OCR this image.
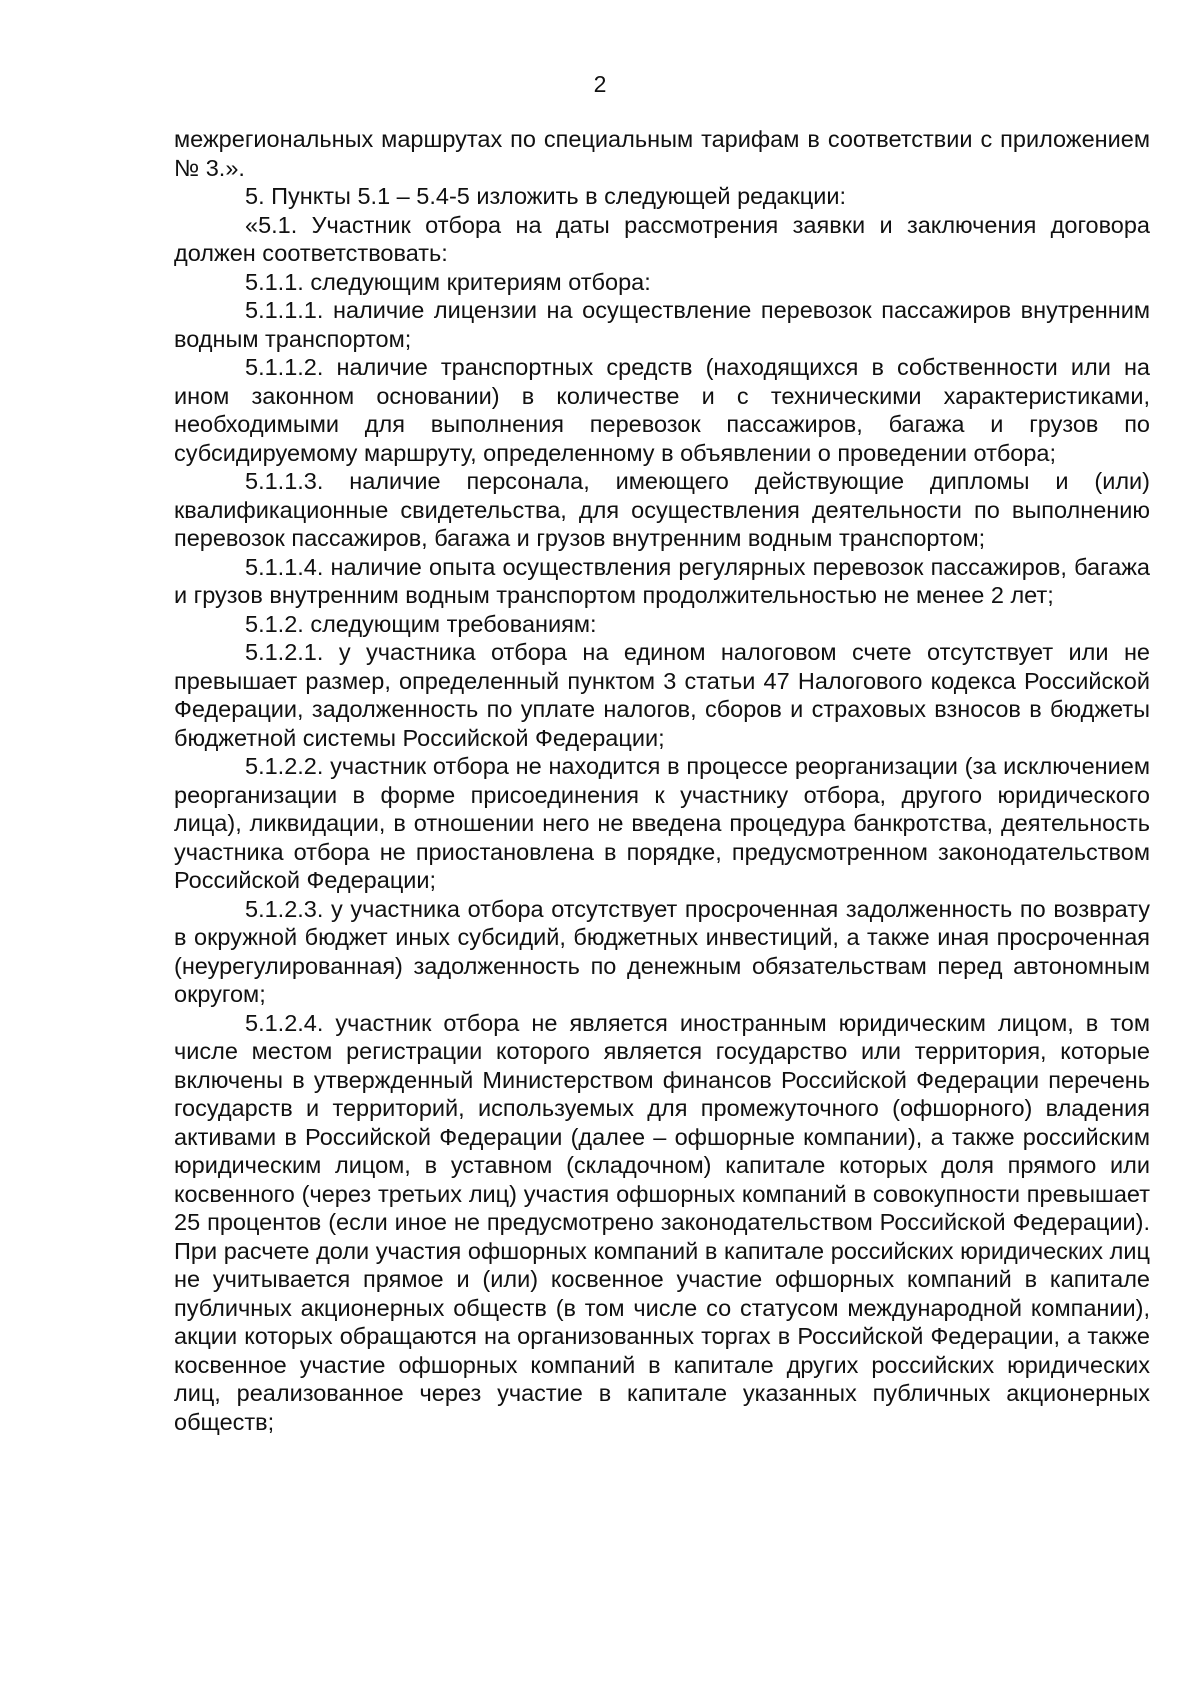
2

межрегиональных маршрутах по специальным тарифам в соответствии с приложением № 3.».

5. Пункты 5.1 – 5.4-5 изложить в следующей редакции:

«5.1. Участник отбора на даты рассмотрения заявки и заключения договора должен соответствовать:

5.1.1. следующим критериям отбора:

5.1.1.1. наличие лицензии на осуществление перевозок пассажиров внутренним водным транспортом;

5.1.1.2. наличие транспортных средств (находящихся в собственности или на ином законном основании) в количестве и с техническими характеристиками, необходимыми для выполнения перевозок пассажиров, багажа и грузов по субсидируемому маршруту, определенному в объявлении о проведении отбора;

5.1.1.3. наличие персонала, имеющего действующие дипломы и (или) квалификационные свидетельства, для осуществления деятельности по выполнению перевозок пассажиров, багажа и грузов внутренним водным транспортом;

5.1.1.4. наличие опыта осуществления регулярных перевозок пассажиров, багажа и грузов внутренним водным транспортом продолжительностью не менее 2 лет;

5.1.2. следующим требованиям:

5.1.2.1. у участника отбора на едином налоговом счете отсутствует или не превышает размер, определенный пунктом 3 статьи 47 Налогового кодекса Российской Федерации, задолженность по уплате налогов, сборов и страховых взносов в бюджеты бюджетной системы Российской Федерации;

5.1.2.2. участник отбора не находится в процессе реорганизации (за исключением реорганизации в форме присоединения к участнику отбора, другого юридического лица), ликвидации, в отношении него не введена процедура банкротства, деятельность участника отбора не приостановлена в порядке, предусмотренном законодательством Российской Федерации;

5.1.2.3. у участника отбора отсутствует просроченная задолженность по возврату в окружной бюджет иных субсидий, бюджетных инвестиций, а также иная просроченная (неурегулированная) задолженность по денежным обязательствам перед автономным округом;

5.1.2.4. участник отбора не является иностранным юридическим лицом, в том числе местом регистрации которого является государство или территория, которые включены в утвержденный Министерством финансов Российской Федерации перечень государств и территорий, используемых для промежуточного (офшорного) владения активами в Российской Федерации (далее – офшорные компании), а также российским юридическим лицом, в уставном (складочном) капитале которых доля прямого или косвенного (через третьих лиц) участия офшорных компаний в совокупности превышает 25 процентов (если иное не предусмотрено законодательством Российской Федерации). При расчете доли участия офшорных компаний в капитале российских юридических лиц не учитывается прямое и (или) косвенное участие офшорных компаний в капитале публичных акционерных обществ (в том числе со статусом международной компании), акции которых обращаются на организованных торгах в Российской Федерации, а также косвенное участие офшорных компаний в капитале других российских юридических лиц, реализованное через участие в капитале указанных публичных акционерных обществ;
